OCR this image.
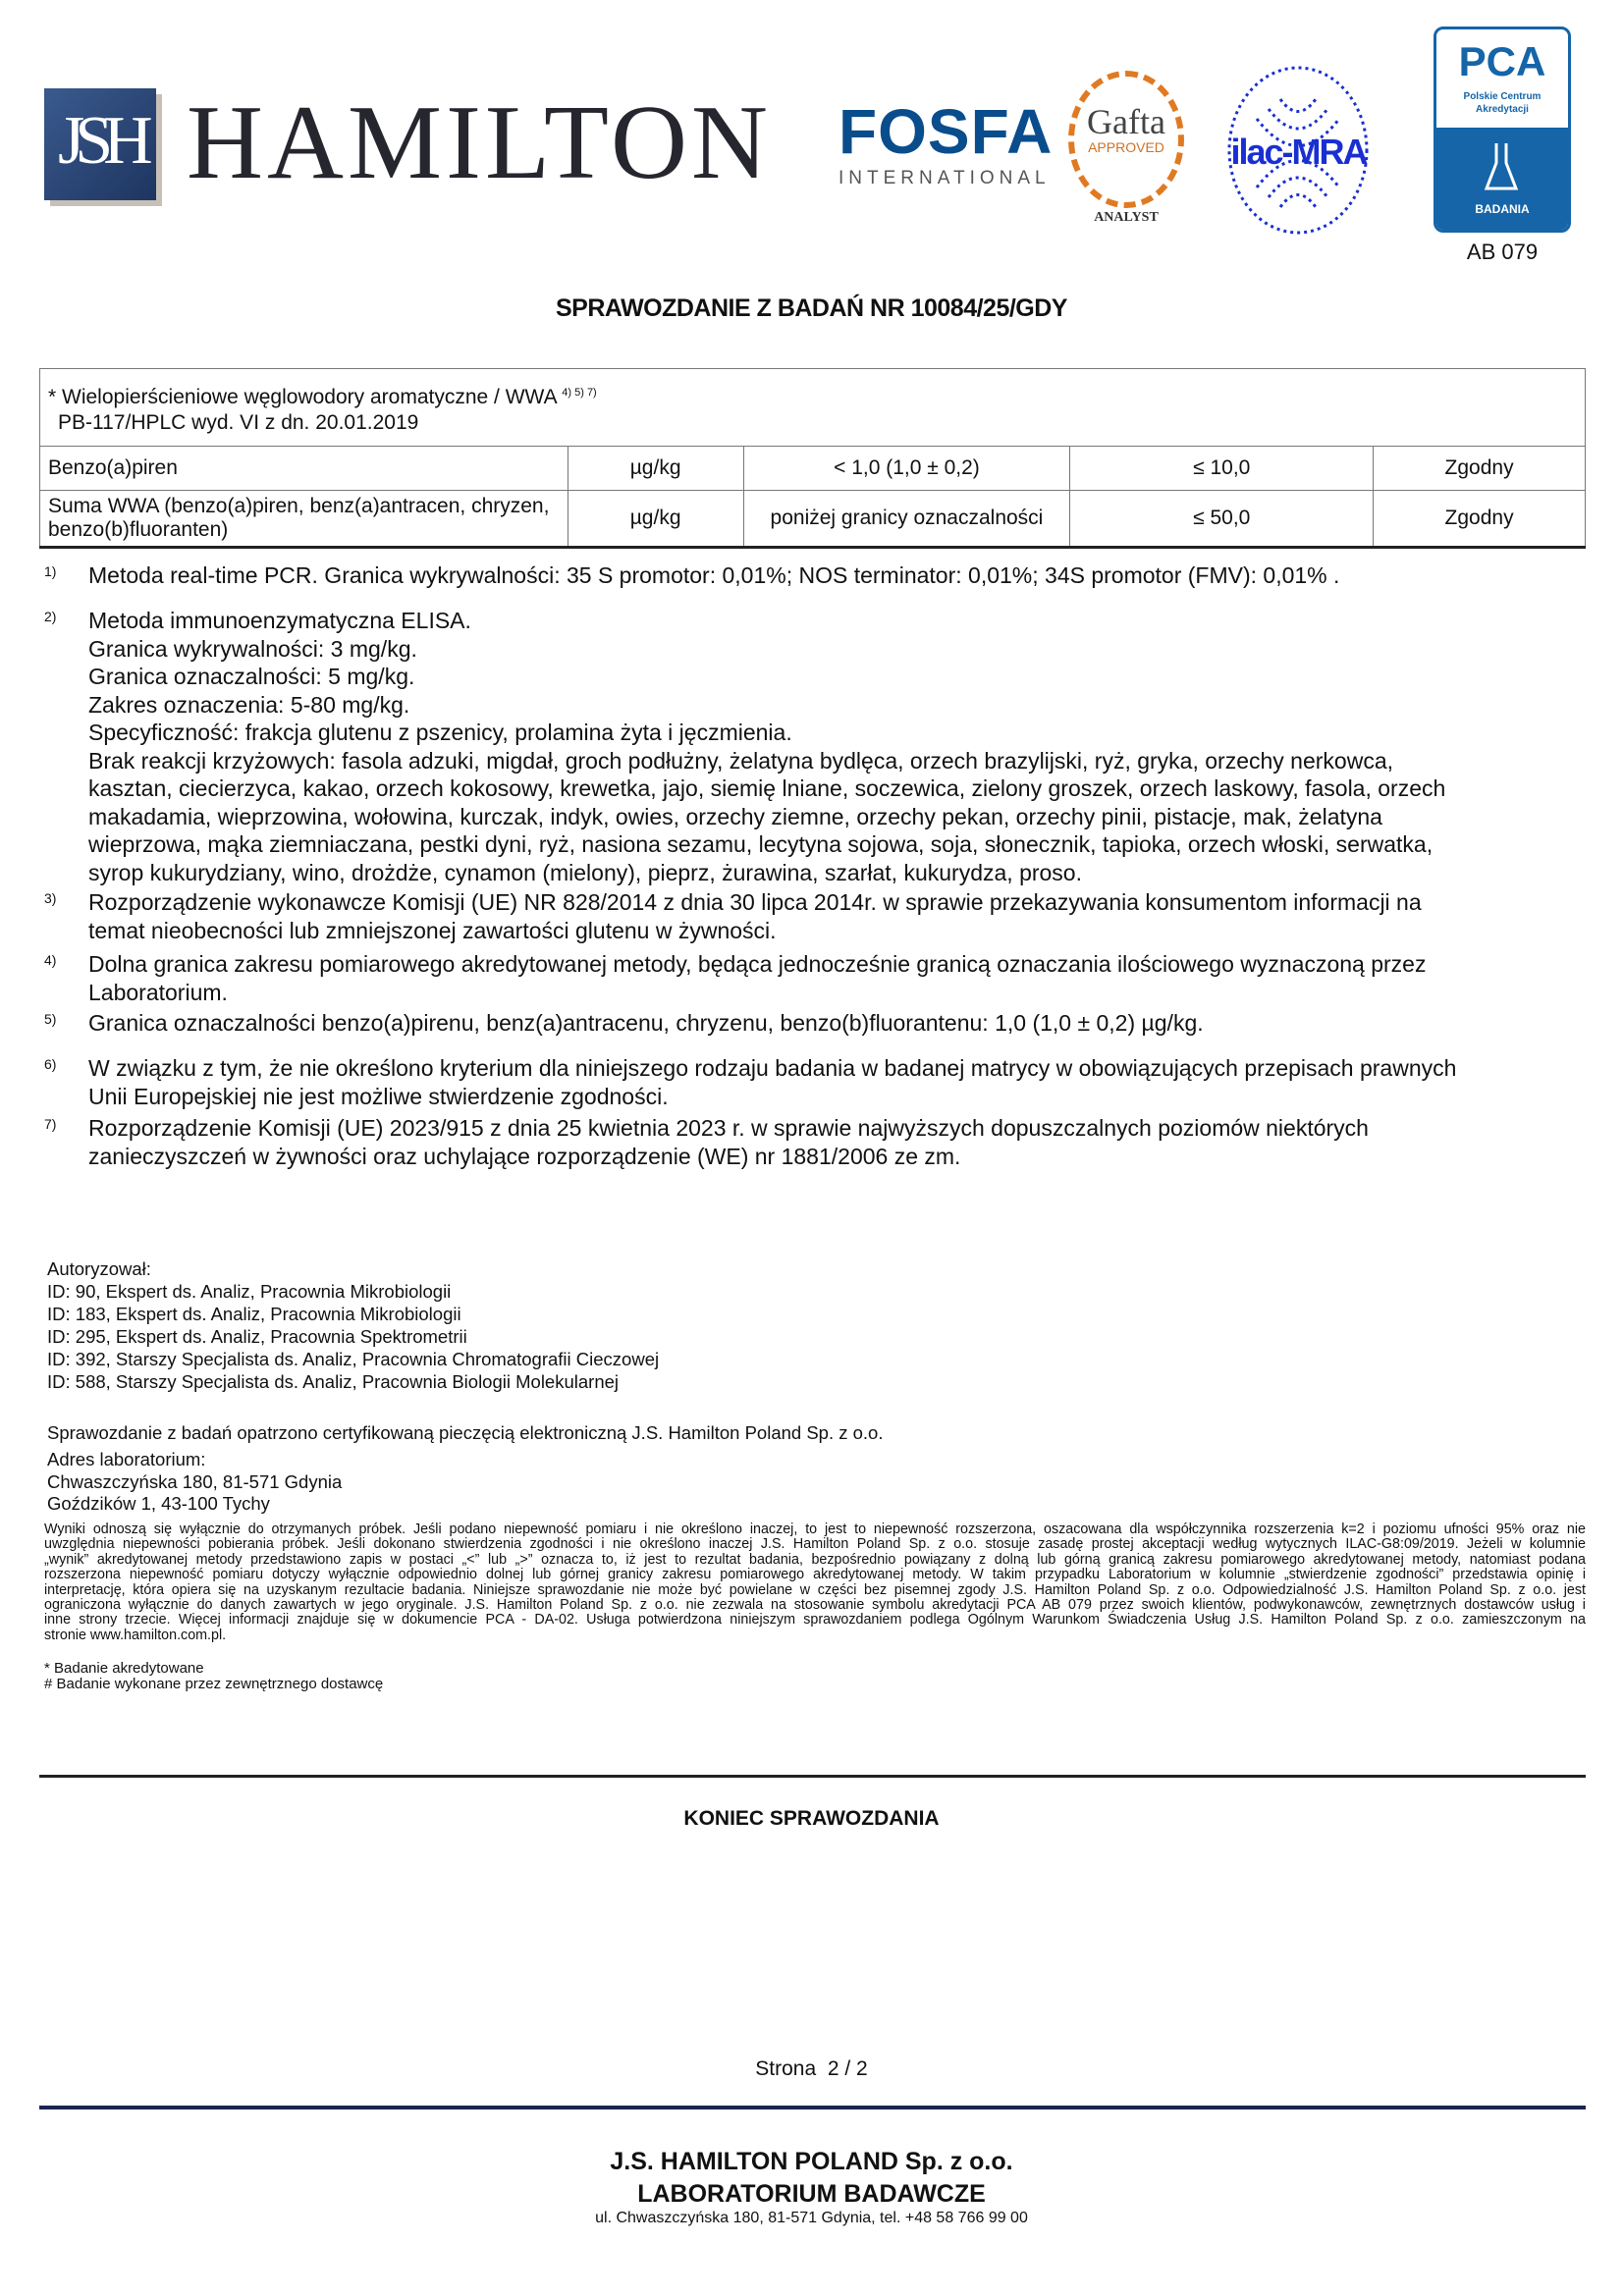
JSH HAMILTON FOSFA
INTERNATIONAL
Gafta
APPROVED
ANALYST
ilac-MRA
PCA
Polskie Centrum
Akredytacji
BADANIA
AB 079
SPRAWOZDANIE Z BADAŃ NR 10084/25/GDY
* Wielopierścieniowe węglowodory aromatyczne / WWA $^{4) 5) 7)}$
PB-117/HPLC wyd. VI z dn. 20.01.2019				

Benzo(a)piren	µg/kg	< 1,0 (1,0 ± 0,2)	≤ 10,0	Zgodny
Suma WWA (benzo(a)piren, benz(a)antracen, chryzen, benzo(b)fluoranten)	µg/kg	poniżej granicy oznaczalności	≤ 50,0	Zgodny
1) Metoda real-time PCR. Granica wykrywalności: 35 S promotor: 0,01%; NOS terminator: 0,01%; 34S promotor (FMV): 0,01% .
2) Metoda immunoenzymatyczna ELISA.
Granica wykrywalności: 3 mg/kg.
Granica oznaczalności: 5 mg/kg.
Zakres oznaczenia: 5-80 mg/kg.
Specyficzność: frakcja glutenu z pszenicy, prolamina żyta i jęczmienia.
Brak reakcji krzyżowych: fasola adzuki, migdał, groch podłużny, żelatyna bydlęca, orzech brazylijski, ryż, gryka, orzechy nerkowca,
kasztan, ciecierzyca, kakao, orzech kokosowy, krewetka, jajo, siemię lniane, soczewica, zielony groszek, orzech laskowy, fasola, orzech
makadamia, wieprzowina, wołowina, kurczak, indyk, owies, orzechy ziemne, orzechy pekan, orzechy pinii, pistacje, mak, żelatyna
wieprzowa, mąka ziemniaczana, pestki dyni, ryż, nasiona sezamu, lecytyna sojowa, soja, słonecznik, tapioka, orzech włoski, serwatka,
syrop kukurydziany, wino, drożdże, cynamon (mielony), pieprz, żurawina, szarłat, kukurydza, proso.
3) Rozporządzenie wykonawcze Komisji (UE) NR 828/2014 z dnia 30 lipca 2014r. w sprawie przekazywania konsumentom informacji na
temat nieobecności lub zmniejszonej zawartości glutenu w żywności.
4) Dolna granica zakresu pomiarowego akredytowanej metody, będąca jednocześnie granicą oznaczania ilościowego wyznaczoną przez
Laboratorium.
5) Granica oznaczalności benzo(a)pirenu, benz(a)antracenu, chryzenu, benzo(b)fluorantenu: 1,0 (1,0 ± 0,2) µg/kg.
6) W związku z tym, że nie określono kryterium dla niniejszego rodzaju badania w badanej matrycy w obowiązujących przepisach prawnych
Unii Europejskiej nie jest możliwe stwierdzenie zgodności.
7) Rozporządzenie Komisji (UE) 2023/915 z dnia 25 kwietnia 2023 r. w sprawie najwyższych dopuszczalnych poziomów niektórych
zanieczyszczeń w żywności oraz uchylające rozporządzenie (WE) nr 1881/2006 ze zm.
Autoryzował:
ID: 90, Ekspert ds. Analiz, Pracownia Mikrobiologii
ID: 183, Ekspert ds. Analiz, Pracownia Mikrobiologii
ID: 295, Ekspert ds. Analiz, Pracownia Spektrometrii
ID: 392, Starszy Specjalista ds. Analiz, Pracownia Chromatografii Cieczowej
ID: 588, Starszy Specjalista ds. Analiz, Pracownia Biologii Molekularnej
Sprawozdanie z badań opatrzono certyfikowaną pieczęcią elektroniczną J.S. Hamilton Poland Sp. z o.o.
Adres laboratorium:
Chwaszczyńska 180, 81-571 Gdynia
Goździków 1, 43-100 Tychy
Wyniki odnoszą się wyłącznie do otrzymanych próbek. Jeśli podano niepewność pomiaru i nie określono inaczej, to jest to niepewność rozszerzona, oszacowana dla współczynnika rozszerzenia k=2 i poziomu ufności 95% oraz nie
uwzględnia niepewności pobierania próbek. Jeśli dokonano stwierdzenia zgodności i nie określono inaczej J.S. Hamilton Poland Sp. z o.o. stosuje zasadę prostej akceptacji według wytycznych ILAC-G8:09/2019. Jeżeli w kolumnie
„wynik” akredytowanej metody przedstawiono zapis w postaci „<” lub „>” oznacza to, iż jest to rezultat badania, bezpośrednio powiązany z dolną lub górną granicą zakresu pomiarowego akredytowanej metody, natomiast podana
rozszerzona niepewność pomiaru dotyczy wyłącznie odpowiednio dolnej lub górnej granicy zakresu pomiarowego akredytowanej metody. W takim przypadku Laboratorium w kolumnie „stwierdzenie zgodności” przedstawia opinię i
interpretację, która opiera się na uzyskanym rezultacie badania. Niniejsze sprawozdanie nie może być powielane w części bez pisemnej zgody J.S. Hamilton Poland Sp. z o.o. Odpowiedzialność J.S. Hamilton Poland Sp. z o.o. jest
ograniczona wyłącznie do danych zawartych w jego oryginale. J.S. Hamilton Poland Sp. z o.o. nie zezwala na stosowanie symbolu akredytacji PCA AB 079 przez swoich klientów, podwykonawców, zewnętrznych dostawców usług i
inne strony trzecie. Więcej informacji znajduje się w dokumencie PCA - DA-02. Usługa potwierdzona niniejszym sprawozdaniem podlega Ogólnym Warunkom Świadczenia Usług J.S. Hamilton Poland Sp. z o.o. zamieszczonym na
stronie www.hamilton.com.pl.
* Badanie akredytowane
# Badanie wykonane przez zewnętrznego dostawcę
KONIEC SPRAWOZDANIA
Strona  2 / 2
J.S. HAMILTON POLAND Sp. z o.o.
LABORATORIUM BADAWCZE
ul. Chwaszczyńska 180, 81-571 Gdynia, tel. +48 58 766 99 00
